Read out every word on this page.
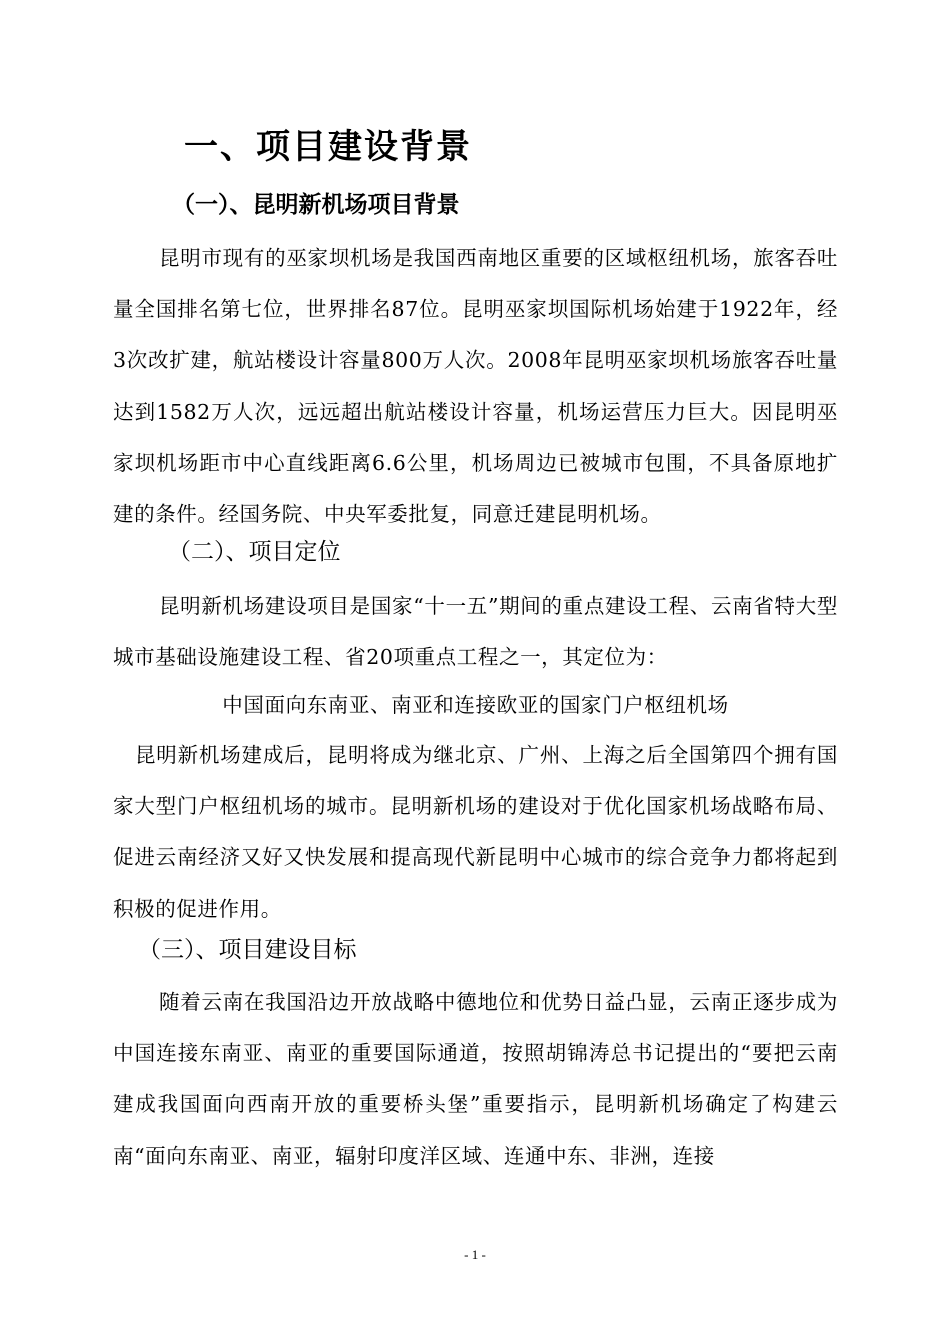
一、项目建设背景
（一）、昆明新机场项目背景
昆明市现有的巫家坝机场是我国西南地区重要的区域枢纽机场，旅客吞吐量全国排名第七位，世界排名87位。昆明巫家坝国际机场始建于1922年，经3次改扩建，航站楼设计容量800万人次。2008年昆明巫家坝机场旅客吞吐量达到1582万人次，远远超出航站楼设计容量，机场运营压力巨大。因昆明巫家坝机场距市中心直线距离6.6公里，机场周边已被城市包围，不具备原地扩建的条件。经国务院、中央军委批复，同意迁建昆明机场。
（二）、项目定位
昆明新机场建设项目是国家“十一五”期间的重点建设工程、云南省特大型城市基础设施建设工程、省20项重点工程之一，其定位为：
中国面向东南亚、南亚和连接欧亚的国家门户枢纽机场
昆明新机场建成后，昆明将成为继北京、广州、上海之后全国第四个拥有国家大型门户枢纽机场的城市。昆明新机场的建设对于优化国家机场战略布局、促进云南经济又好又快发展和提高现代新昆明中心城市的综合竞争力都将起到积极的促进作用。
（三）、项目建设目标
随着云南在我国沿边开放战略中德地位和优势日益凸显，云南正逐步成为中国连接东南亚、南亚的重要国际通道，按照胡锦涛总书记提出的“要把云南建成我国面向西南开放的重要桥头堡”重要指示，昆明新机场确定了构建云南“面向东南亚、南亚，辐射印度洋区域、连通中东、非洲，连接
- 1 -
